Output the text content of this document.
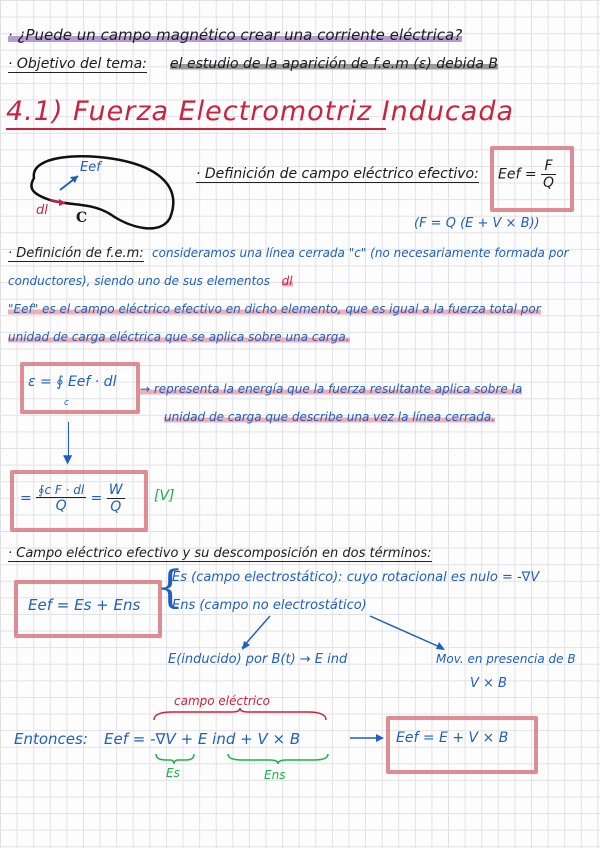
· ¿Puede un campo magnético crear una corriente eléctrica?
· Objetivo del tema: el estudio de la aparición de f.e.m (ε) debida B
4.1) Fuerza Electromotriz Inducada
Eef
dl C
· Definición de campo eléctrico efectivo: Eef = $\frac{F}{Q}$
(F = Q (E + V × B))
· Definición de f.e.m: consideramos una línea cerrada "c" (no necesariamente formada por
conductores), siendo uno de sus elementos dl
"Eef" es el campo eléctrico efectivo en dicho elemento, que es igual a la fuerza total por
unidad de carga eléctrica que se aplica sobre una carga.
ε = ∮ Eef · dl
c
→ representa la energía que la fuerza resultante aplica sobre la
unidad de carga que describe una vez la línea cerrada.
▼
= $\frac{\text{∮c F · dl}}{Q} = \frac{W}{Q} [V]$
· Campo eléctrico efectivo y su descomposición en dos términos:
Eef = Es + Ens {
Es (campo electrostático): cuyo rotacional es nulo = -∇V
Ens (campo no electrostático)
E(inducido) por B(t) → E ind	Mov. en presencia de B
V × B
campo eléctrico
Entonces: Eef = -∇V + E ind + V × B
Es	Ens
Eef = E + V × B
